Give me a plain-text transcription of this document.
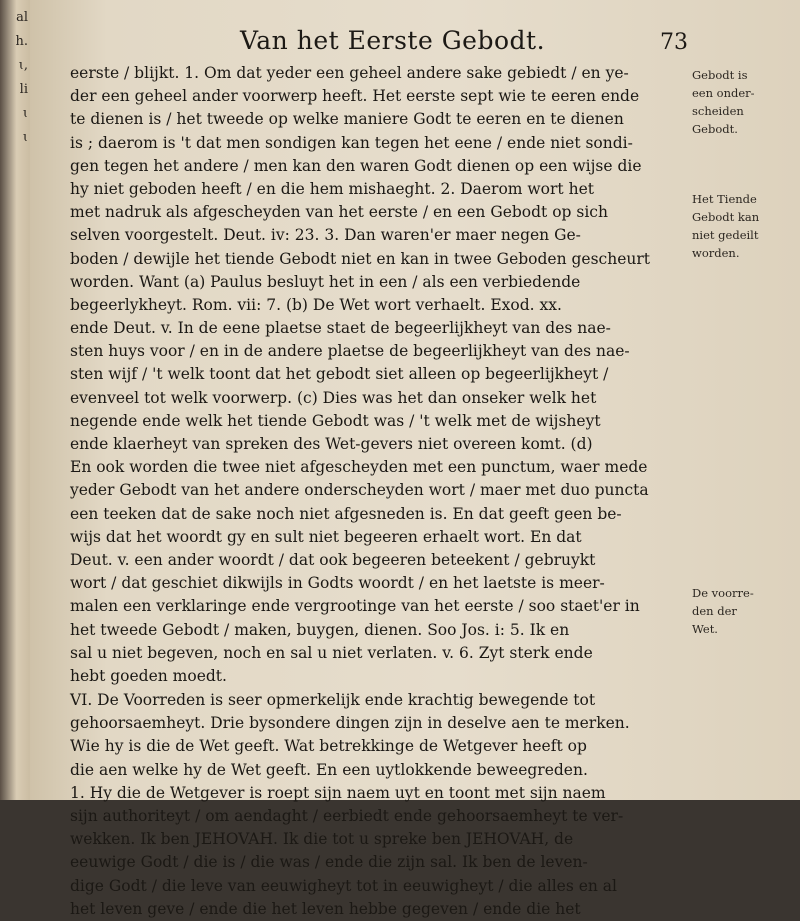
al
h.
ɩ,
li
ɩ
ɩ
Van het Eerste Gebodt.	73
eerste / blijkt. 1. Om dat yeder een geheel andere sake gebiedt / en ye-
der een geheel ander voorwerp heeft. Het eerste sept wie te eeren ende
te dienen is / het tweede op welke maniere Godt te eeren en te dienen
is ; daerom is 't dat men sondigen kan tegen het eene / ende niet sondi-
gen tegen het andere / men kan den waren Godt dienen op een wijse die
hy niet geboden heeft / en die hem mishaeght. 2. Daerom wort het
met nadruk als afgescheyden van het eerste / en een Gebodt op sich
selven voorgestelt. Deut. iv: 23. 3. Dan waren'er maer negen Ge-
boden / dewijle het tiende Gebodt niet en kan in twee Geboden gescheurt
worden. Want (a) Paulus besluyt het in een / als een verbiedende
begeerlykheyt. Rom. vii: 7. (b) De Wet wort verhaelt. Exod. xx.
ende Deut. v. In de eene plaetse staet de begeerlijkheyt van des nae-
sten huys voor / en in de andere plaetse de begeerlijkheyt van des nae-
sten wijf / 't welk toont dat het gebodt siet alleen op begeerlijkheyt /
evenveel tot welk voorwerp. (c) Dies was het dan onseker welk het
negende ende welk het tiende Gebodt was / 't welk met de wijsheyt
ende klaerheyt van spreken des Wet-gevers niet overeen komt. (d)
En ook worden die twee niet afgescheyden met een punctum, waer mede
yeder Gebodt van het andere onderscheyden wort / maer met duo puncta
een teeken dat de sake noch niet afgesneden is. En dat geeft geen be-
wijs dat het woordt gy en sult niet begeeren erhaelt wort. En dat
Deut. v. een ander woordt / dat ook begeeren beteekent / gebruykt
wort / dat geschiet dikwijls in Godts woordt / en het laetste is meer-
malen een verklaringe ende vergrootinge van het eerste / soo staet'er in
het tweede Gebodt / maken, buygen, dienen. Soo Jos. i: 5. Ik en
sal u niet begeven, noch en sal u niet verlaten. v. 6. Zyt sterk ende
hebt goeden moedt.
VI. De Voorreden is seer opmerkelijk ende krachtig bewegende tot
gehoorsaemheyt. Drie bysondere dingen zijn in deselve aen te merken.
Wie hy is die de Wet geeft. Wat betrekkinge de Wetgever heeft op
die aen welke hy de Wet geeft. En een uytlokkende beweegreden.
1. Hy die de Wetgever is roept sijn naem uyt en toont met sijn naem
sijn authoriteyt / om aendaght / eerbiedt ende gehoorsaemheyt te ver-
wekken. Ik ben JEHOVAH. Ik die tot u spreke ben JEHOVAH, de
eeuwige Godt / die is / die was / ende die zijn sal. Ik ben de leven-
dige Godt / die leve van eeuwigheyt tot in eeuwigheyt / die alles en al
het leven geve / ende die het leven hebbe gegeven / ende die het
Gebodt is
een onder-
scheiden
Gebodt.
Het Tiende
Gebodt kan
niet gedeilt
worden.
De voorre-
den der
Wet.
